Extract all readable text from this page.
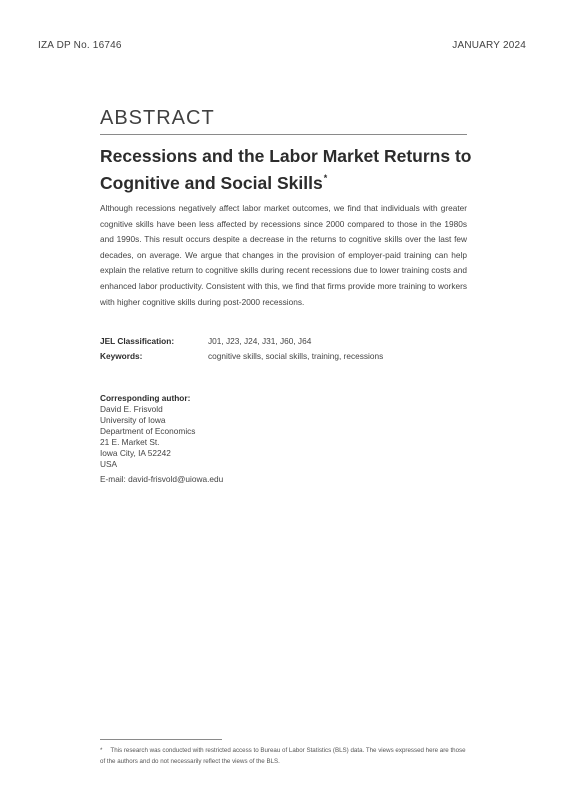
IZA DP No. 16746	JANUARY 2024
ABSTRACT
Recessions and the Labor Market Returns to Cognitive and Social Skills*
Although recessions negatively affect labor market outcomes, we find that individuals with greater cognitive skills have been less affected by recessions since 2000 compared to those in the 1980s and 1990s. This result occurs despite a decrease in the returns to cognitive skills over the last few decades, on average. We argue that changes in the provision of employer-paid training can help explain the relative return to cognitive skills during recent recessions due to lower training costs and enhanced labor productivity. Consistent with this, we find that firms provide more training to workers with higher cognitive skills during post-2000 recessions.
JEL Classification:	J01, J23, J24, J31, J60, J64
Keywords:	cognitive skills, social skills, training, recessions
Corresponding author:
David E. Frisvold
University of Iowa
Department of Economics
21 E. Market St.
Iowa City, IA 52242
USA
E-mail: david-frisvold@uiowa.edu
* This research was conducted with restricted access to Bureau of Labor Statistics (BLS) data. The views expressed here are those of the authors and do not necessarily reflect the views of the BLS.
